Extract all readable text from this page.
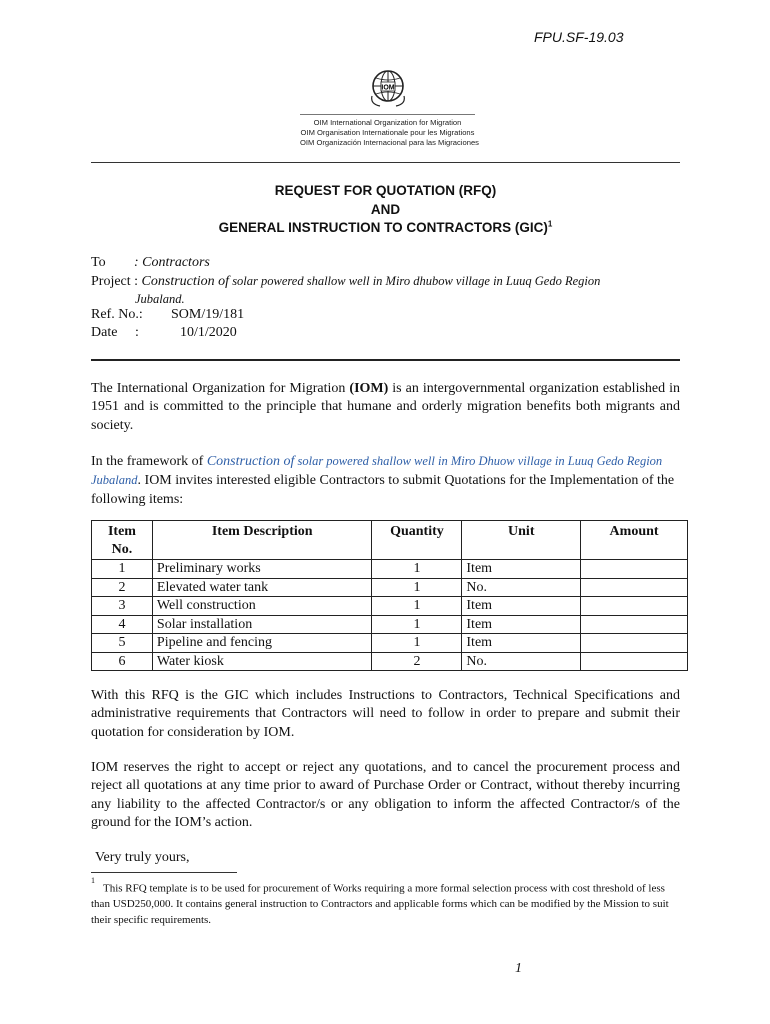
FPU.SF-19.03
IOM
OIM International Organization for Migration
OIM Organisation Internationale pour les Migrations
OIM Organización Internacional para las Migraciones
REQUEST FOR QUOTATION (RFQ)
AND
GENERAL INSTRUCTION TO CONTRACTORS (GIC)$^1$
To : Contractors
Project : Construction of solar powered shallow well in Miro dhubow village in Luuq Gedo Region
Jubaland.
Ref. No.: SOM/19/181
Date :	10/1/2020
The International Organization for Migration (IOM) is an intergovernmental organization established in 1951 and is committed to the principle that humane and orderly migration benefits both migrants and society.
In the framework of Construction of solar powered shallow well in Miro Dhuow village in Luuq Gedo Region Jubaland. IOM invites interested eligible Contractors to submit Quotations for the Implementation of the following items:
Item No.	Item Description	Quantity	Unit	Amount
1	Preliminary works	1	Item	
2	Elevated water tank	1	No.	
3	Well construction	1	Item	
4	Solar installation	1	Item	
5	Pipeline and fencing	1	Item	
6	Water kiosk	2	No.	
With this RFQ is the GIC which includes Instructions to Contractors, Technical Specifications and administrative requirements that Contractors will need to follow in order to prepare and submit their quotation for consideration by IOM.
IOM reserves the right to accept or reject any quotations, and to cancel the procurement process and reject all quotations at any time prior to award of Purchase Order or Contract, without thereby incurring any liability to the affected Contractor/s or any obligation to inform the affected Contractor/s of the ground for the IOM’s action.
Very truly yours,
$^1$This RFQ template is to be used for procurement of Works requiring a more formal selection process with cost threshold of less than USD250,000. It contains general instruction to Contractors and applicable forms which can be modified by the Mission to suit their specific requirements.
1
